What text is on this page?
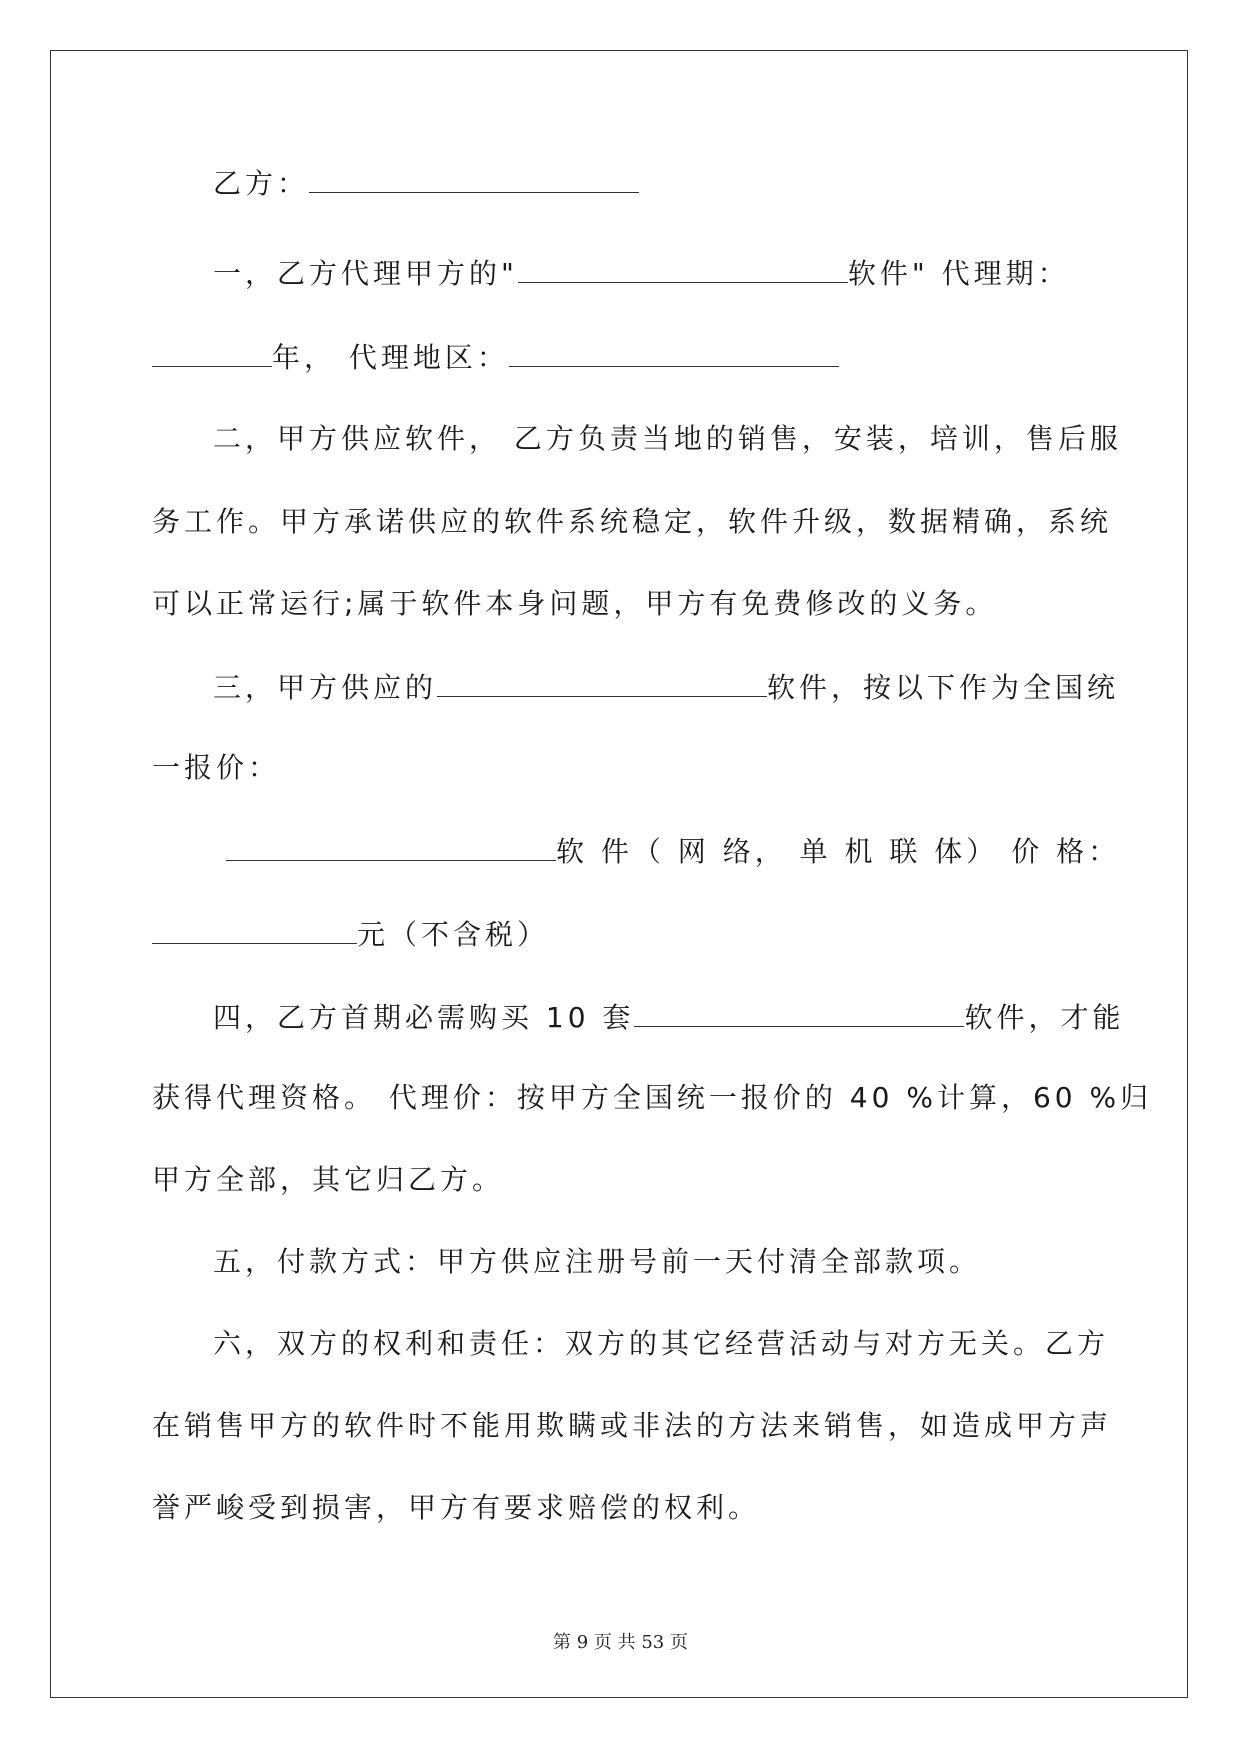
乙方：
一，乙方代理甲方的"	软件" 代理期：
年， 代理地区：
二，甲方供应软件， 乙方负责当地的销售，安装，培训，售后服
务工作。甲方承诺供应的软件系统稳定，软件升级，数据精确，系统
可以正常运行;属于软件本身问题，甲方有免费修改的义务。
三，甲方供应的	软件，按以下作为全国统
一报价：
软 件（ 网 络， 单 机 联 体） 价 格：
元（不含税）
四，乙方首期必需购买 10 套	软件，才能
获得代理资格。 代理价：按甲方全国统一报价的 40 %计算，60 %归
甲方全部，其它归乙方。
五，付款方式：甲方供应注册号前一天付清全部款项。
六，双方的权利和责任：双方的其它经营活动与对方无关。乙方
在销售甲方的软件时不能用欺瞒或非法的方法来销售，如造成甲方声
誉严峻受到损害，甲方有要求赔偿的权利。
第 9 页 共 53 页
